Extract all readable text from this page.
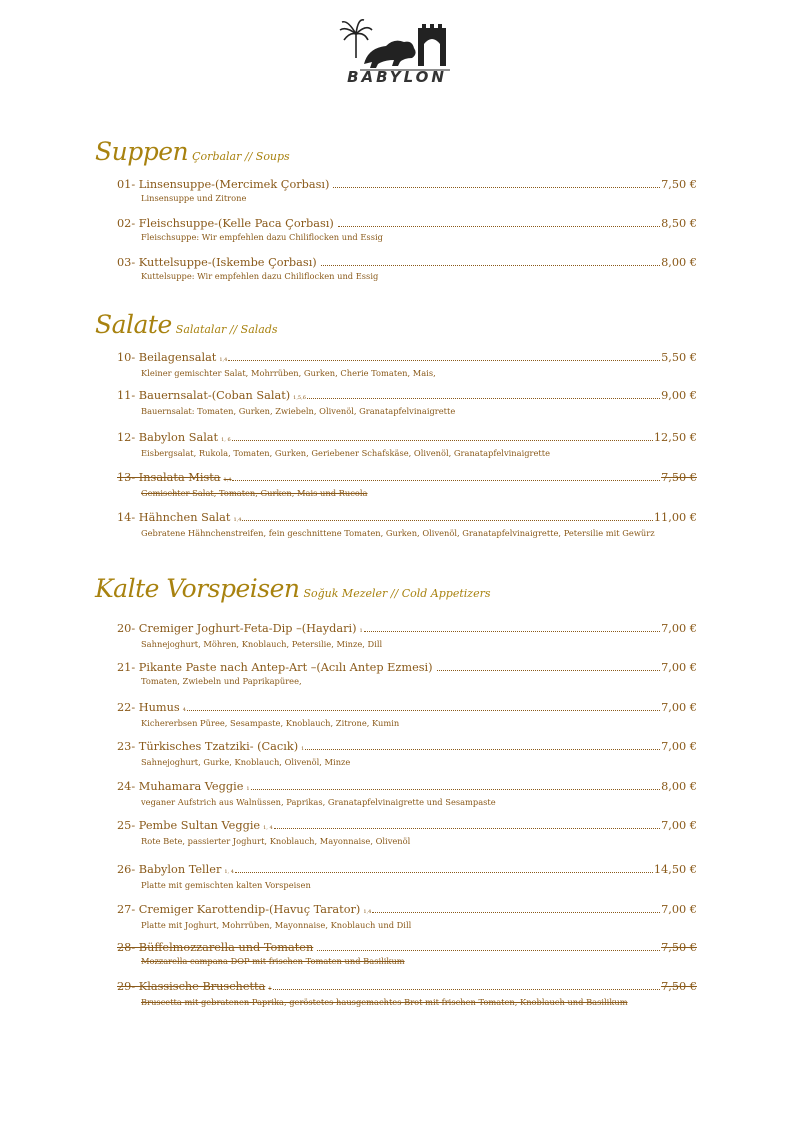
BABYLON
Suppen Çorbalar // Soups
01- Linsensuppe-(Mercimek Çorbası)	7,50 €
Linsensuppe und Zitrone
02- Fleischsuppe-(Kelle Paca Çorbası)	8,50 €
Fleischsuppe: Wir empfehlen dazu Chiliflocken und Essig
03- Kuttelsuppe-(Iskembe Çorbası)	8,00 €
Kuttelsuppe: Wir empfehlen dazu Chiliflocken und Essig
Salate Salatalar // Salads
10- Beilagensalat 1,4	5,50 €
Kleiner gemischter Salat, Mohrrüben, Gurken, Cherie Tomaten, Mais,
11- Bauernsalat-(Coban Salat) 1,5,6	9,00 €
Bauernsalat: Tomaten, Gurken, Zwiebeln, Olivenöl, Granatapfelvinaigrette
12- Babylon Salat 1, 6	12,50 €
Eisbergsalat, Rukola, Tomaten, Gurken, Geriebener Schafskäse, Olivenöl, Granatapfelvinaigrette
13- Insalata Mista 1,4	7,50 €
Gemischter Salat, Tomaten, Gurken, Mais und Rucola
14- Hähnchen Salat 1,4	11,00 €
Gebratene Hähnchenstreifen, fein geschnittene Tomaten, Gurken, Olivenöl, Granatapfelvinaigrette, Petersilie mit Gewürz
Kalte Vorspeisen Soğuk Mezeler // Cold Appetizers
20- Cremiger Joghurt-Feta-Dip –(Haydari) 1	7,00 €
Sahnejoghurt, Möhren, Knoblauch, Petersilie, Minze, Dill
21- Pikante Paste nach Antep-Art –(Acılı Antep Ezmesi)	7,00 €
Tomaten, Zwiebeln und Paprikapüree,
22- Humus 4	7,00 €
Kichererbsen Püree, Sesampaste, Knoblauch, Zitrone, Kumin
23- Türkisches Tzatziki- (Cacık) 1	7,00 €
Sahnejoghurt, Gurke, Knoblauch, Olivenöl, Minze
24- Muhamara Veggie 1	8,00 €
veganer Aufstrich aus Walnüssen, Paprikas, Granatapfelvinaigrette und Sesampaste
25- Pembe Sultan Veggie 1, 4	7,00 €
Rote Bete, passierter Joghurt, Knoblauch, Mayonnaise, Olivenöl
26- Babylon Teller 1, 4	14,50 €
Platte mit gemischten kalten Vorspeisen
27- Cremiger Karottendip-(Havuç Tarator) 1,4	7,00 €
Platte mit Joghurt, Mohrrüben, Mayonnaise, Knoblauch und Dill
28- Büffelmozzarella und Tomaten	7,50 €
Mozzarella campana DOP mit frischen Tomaten und Basilikum
29- Klassische Bruschetta 1	7,50 €
Bruscetta mit gebratenen Paprika, geröstetes hausgemachtes Brot mit frischen Tomaten, Knoblauch und Basilikum
